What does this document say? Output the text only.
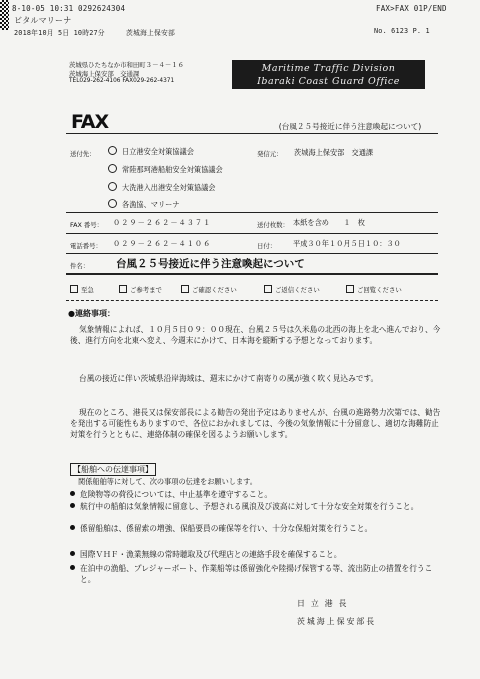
8-10-05 10:31 0292624304	FAX>FAX 01P/END
ビタルマリーナ
2018年10月 5日 10時27分	茨城海上保安部	No. 6123 P. 1
茨城県ひたちなか市和田町３－４－１６
茨城海上保安部　交通課
TEL029-262-4106 FAX029-262-4371
Maritime Traffic Division
Ibaraki Coast Guard Office
FAX	(台風２５号接近に伴う注意喚起について)
送付先：	日立港安全対策協議会
常陸那珂港船舶安全対策協議会
大洗港入出港安全対策協議会
各漁協、マリーナ
発信元： 茨城海上保安部　交通課
FAX 番号： ０２９－２６２－４３７１	送付枚数： 本紙を含め　　１　枚
電話番号： ０２９－２６２－４１０６	日付： 平成３０年１０月５日１０：３０
件名：	台風２５号接近に伴う注意喚起について
至急	ご参考まで	ご確認ください	ご返信ください	ご回覧ください
●連絡事項：
気象情報によれば、１０月５日０９：００現在、台風２５号は久米島の北西の海上を北へ進んでおり、今後、進行方向を北東へ変え、今週末にかけて、日本海を縦断する予想となっております。
台風の接近に伴い茨城県沿岸海域は、週末にかけて南寄りの風が強く吹く見込みです。
現在のところ、港長又は保安部長による勧告の発出予定はありませんが、台風の進路勢力次第では、勧告を発出する可能性もありますので、各位におかれましては、今後の気象情報に十分留意し、適切な海難防止対策を行うとともに、連絡体制の確保を図るようお願いします。
【船舶への伝達事項】
関係船舶等に対して、次の事項の伝達をお願いします。
危険物等の荷役については、中止基準を遵守すること。
航行中の船舶は気象情報に留意し、予想される風浪及び波高に対して十分な安全対策を行うこと。
係留船舶は、係留索の増強、保船要員の確保等を行い、十分な保船対策を行うこと。
国際ＶＨＦ・漁業無線の常時聴取及び代理店との連絡手段を確保すること。
在泊中の漁船、プレジャーボート、作業船等は係留強化や陸揚げ保管する等、流出防止の措置を行うこと。
日立港長
茨城海上保安部長
